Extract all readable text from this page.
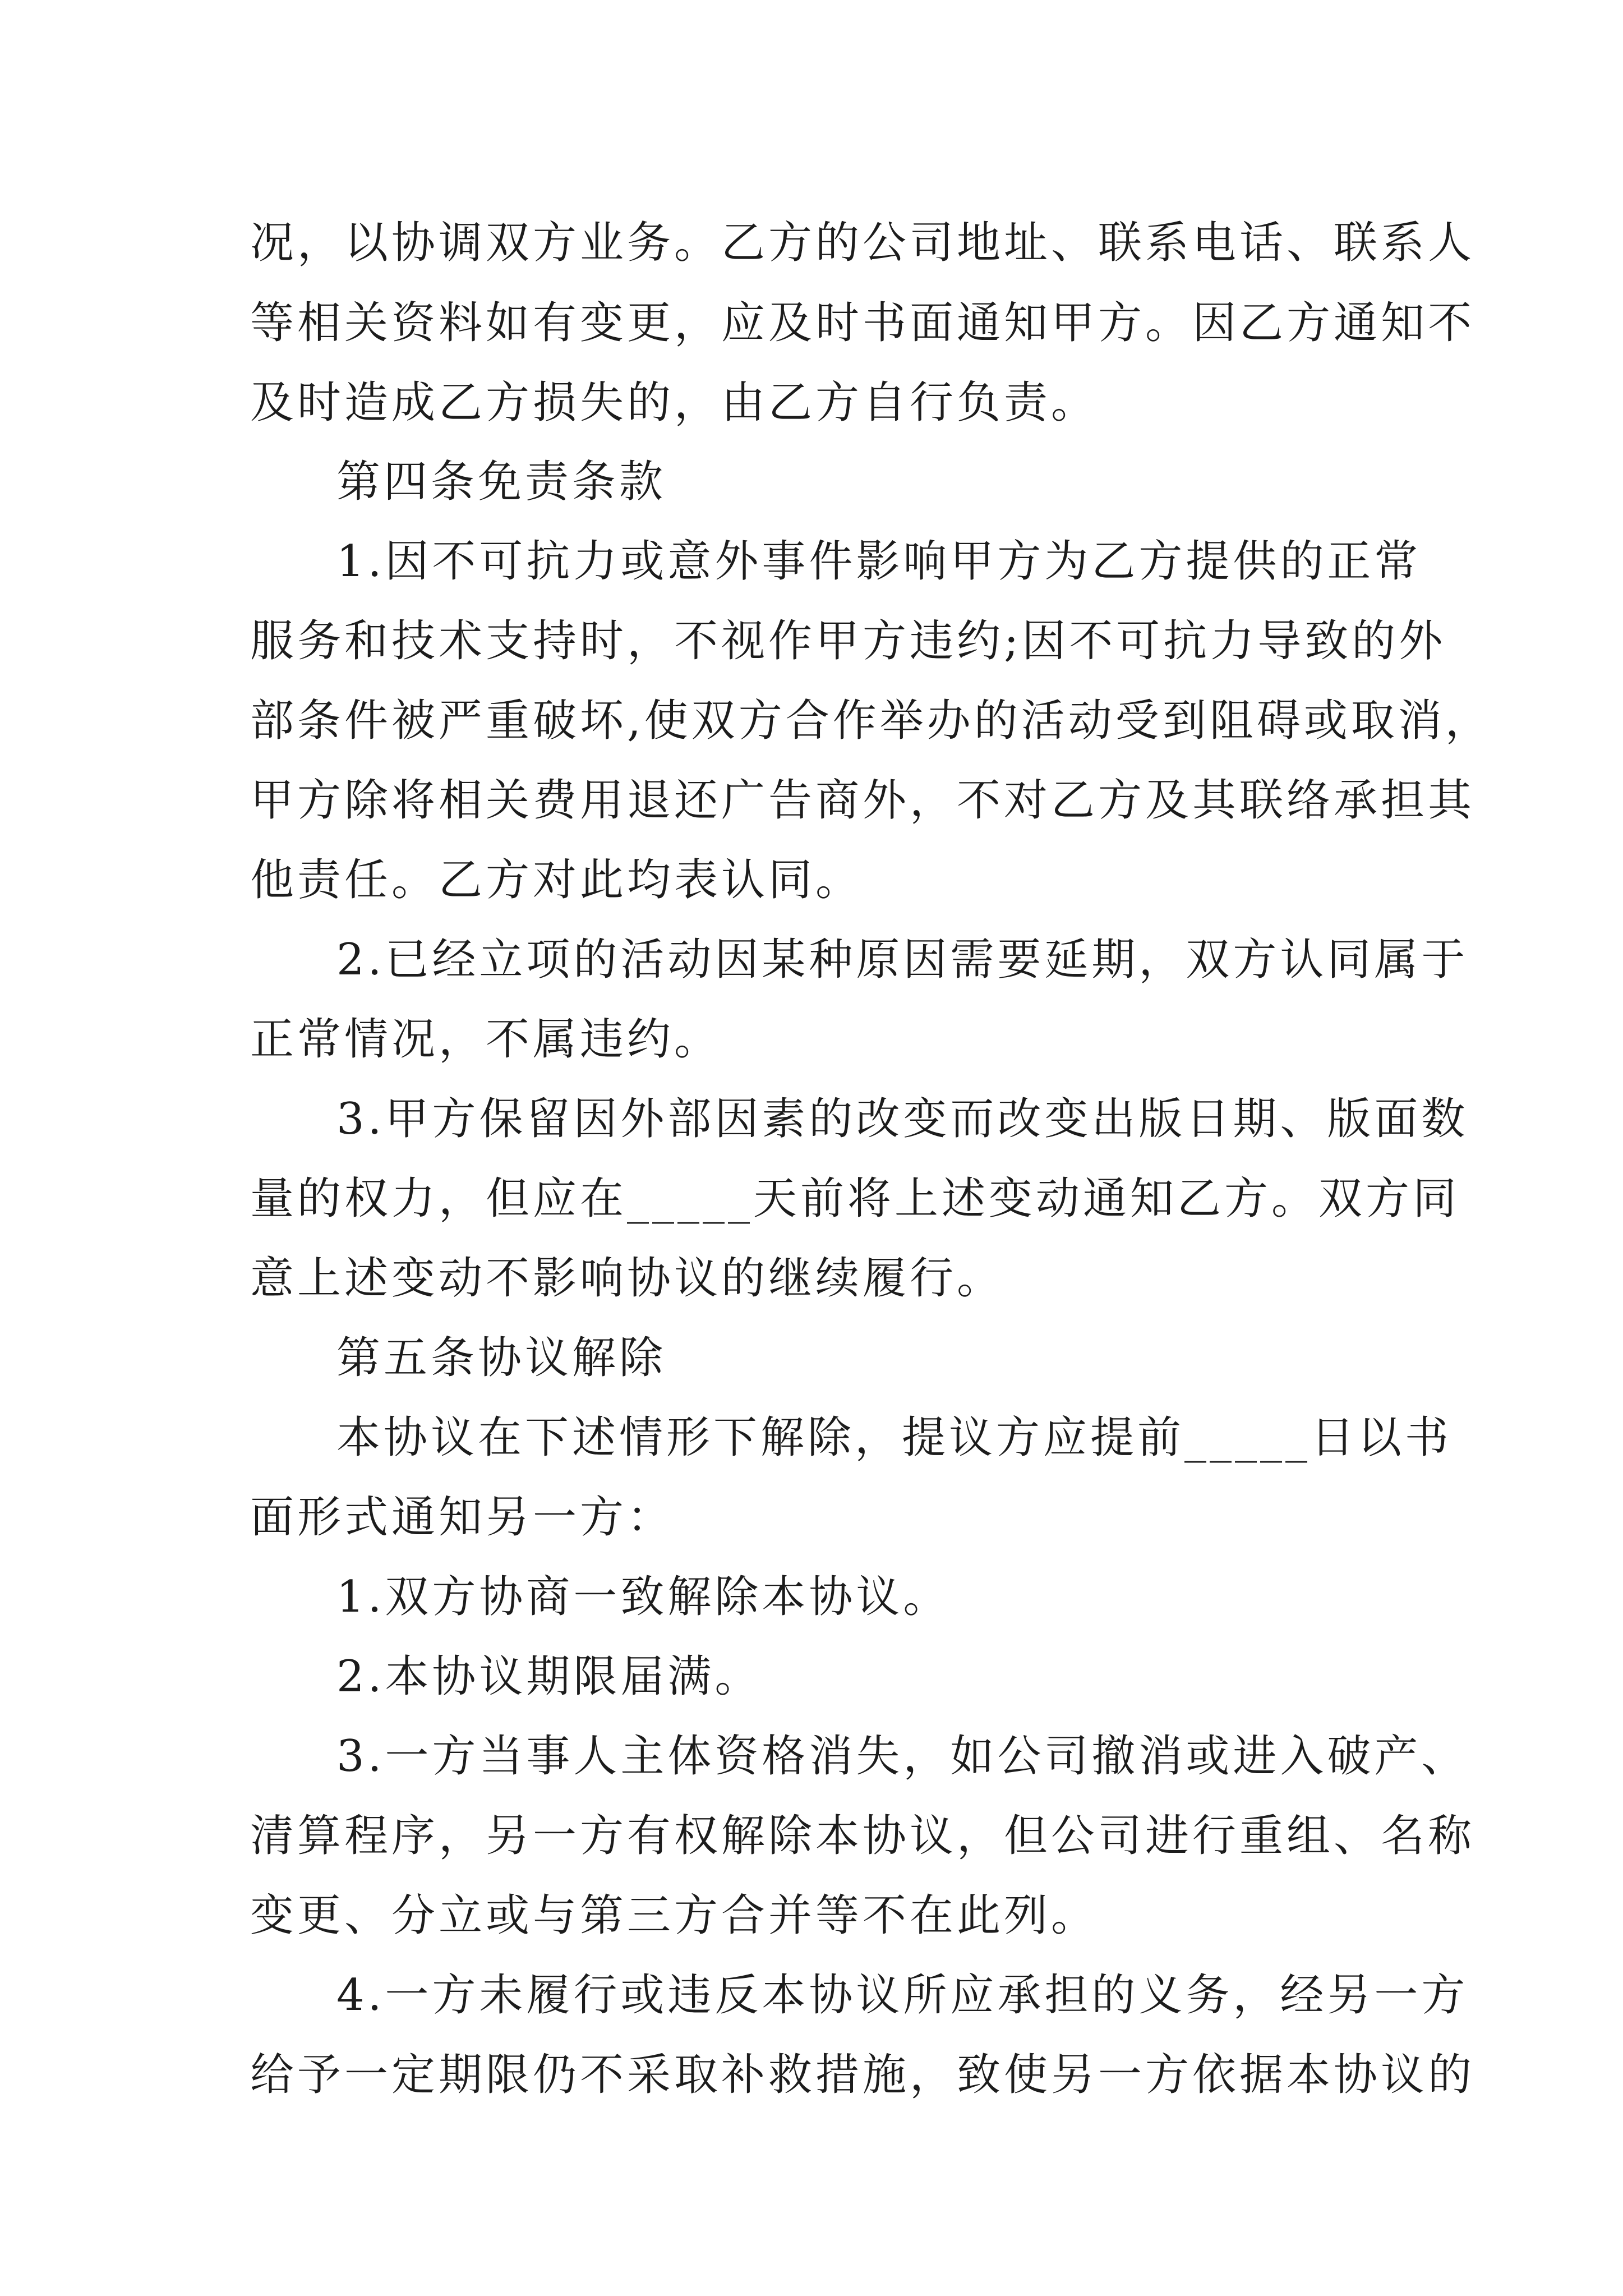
况，以协调双方业务。乙方的公司地址、联系电话、联系人

等相关资料如有变更，应及时书面通知甲方。因乙方通知不

及时造成乙方损失的，由乙方自行负责。

第四条免责条款

1.因不可抗力或意外事件影响甲方为乙方提供的正常

服务和技术支持时，不视作甲方违约;因不可抗力导致的外

部条件被严重破坏,使双方合作举办的活动受到阻碍或取消，

甲方除将相关费用退还广告商外，不对乙方及其联络承担其

他责任。乙方对此均表认同。

2.已经立项的活动因某种原因需要延期，双方认同属于

正常情况，不属违约。

3.甲方保留因外部因素的改变而改变出版日期、版面数

量的权力，但应在_____天前将上述变动通知乙方。双方同

意上述变动不影响协议的继续履行。

第五条协议解除

本协议在下述情形下解除，提议方应提前_____日以书

面形式通知另一方：

1.双方协商一致解除本协议。

2.本协议期限届满。

3.一方当事人主体资格消失，如公司撤消或进入破产、

清算程序，另一方有权解除本协议，但公司进行重组、名称

变更、分立或与第三方合并等不在此列。

4.一方未履行或违反本协议所应承担的义务，经另一方

给予一定期限仍不采取补救措施，致使另一方依据本协议的
